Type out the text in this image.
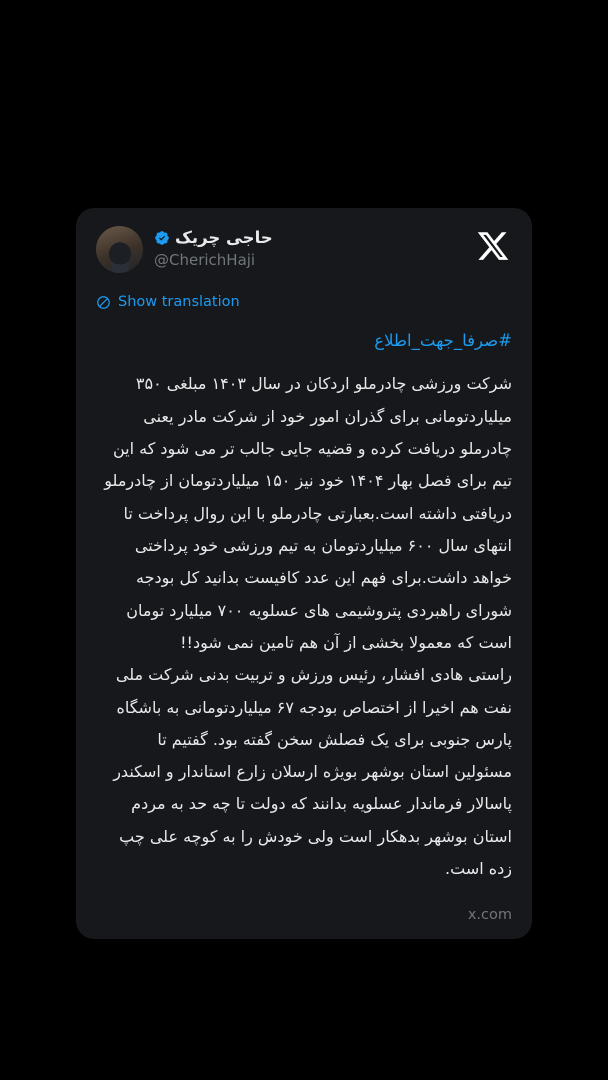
حاجی چریک
@CherichHaji
Show translation
#صرفا_جهت_اطلاع
شرکت ورزشی چادرملو اردکان در سال ۱۴۰۳ مبلغی ۳۵۰ میلیاردتومانی برای گذران امور خود از شرکت مادر یعنی چادرملو دریافت کرده و قضیه جایی جالب تر می شود که این تیم برای فصل بهار ۱۴۰۴ خود نیز ۱۵۰ میلیاردتومان از چادرملو دریافتی داشته است.بعبارتی چادرملو با این روال پرداخت تا انتهای سال ۶۰۰ میلیاردتومان به تیم ورزشی خود پرداختی خواهد داشت.برای فهم این عدد کافیست بدانید کل بودجه شورای راهبردی پتروشیمی های عسلویه ۷۰۰ میلیارد تومان است که معمولا بخشی از آن هم تامین نمی شود!!
راستی هادی افشار، رئیس ورزش و تربیت بدنی شرکت ملی نفت هم اخیرا از اختصاص بودجه ۶۷ میلیاردتومانی به باشگاه پارس جنوبی برای یک فصلش سخن گفته بود. گفتیم تا مسئولین استان بوشهر بویژه ارسلان زارع استاندار و اسکندر پاسالار فرماندار عسلویه بدانند که دولت تا چه حد به مردم استان بوشهر بدهکار است ولی خودش را به کوچه علی چپ زده است.
x.com
